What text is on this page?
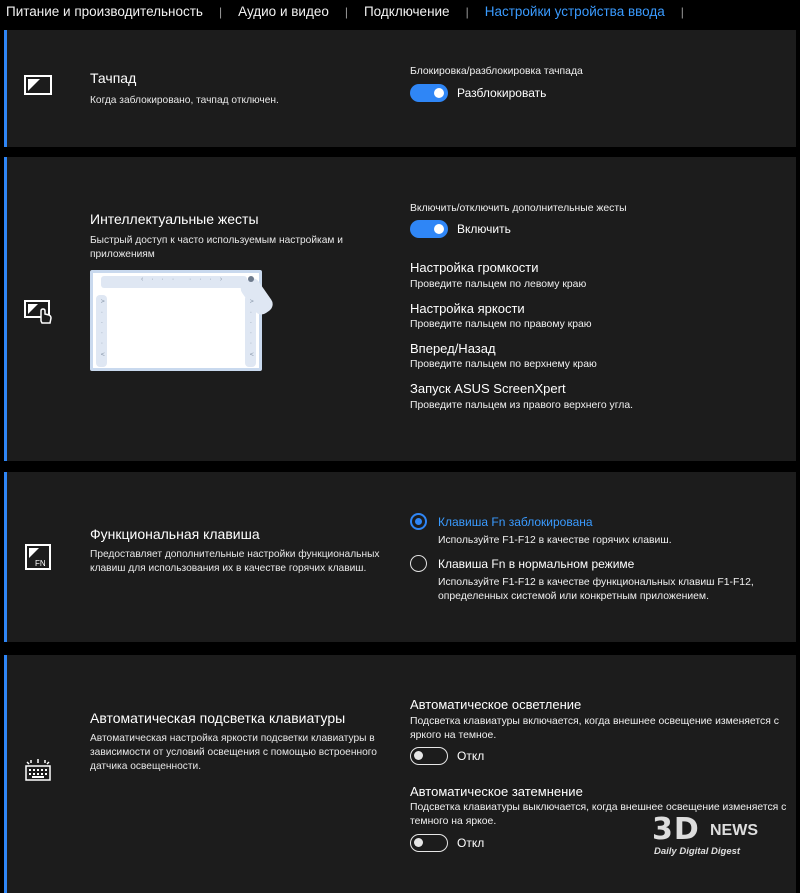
Питание и производительность	|	Аудио и видео	|	Подключение	|	Настройки устройства ввода	|
Тачпад
Когда заблокировано, тачпад отключен.
Блокировка/разблокировка тачпада
Разблокировать
Интеллектуальные жесты
Быстрый доступ к часто используемым настройкам и
приложениям
‹ · · · · · · ›
˄ · · · · ˅	˄ · · · · ˅
Включить/отключить дополнительные жесты
Включить
Настройка громкости
Проведите пальцем по левому краю
Настройка яркости
Проведите пальцем по правому краю
Вперед/Назад
Проведите пальцем по верхнему краю
Запуск ASUS ScreenXpert
Проведите пальцем из правого верхнего угла.
FN
Функциональная клавиша
Предоставляет дополнительные настройки функциональных
клавиш для использования их в качестве горячих клавиш.
Клавиша Fn заблокирована
Используйте F1-F12 в качестве горячих клавиш.
Клавиша Fn в нормальном режиме
Используйте F1-F12 в качестве функциональных клавиш F1-F12,
определенных системой или конкретным приложением.
Автоматическая подсветка клавиатуры
Автоматическая настройка яркости подсветки клавиатуры в
зависимости от условий освещения с помощью встроенного
датчика освещенности.
Автоматическое осветление
Подсветка клавиатуры включается, когда внешнее освещение изменяется с
яркого на темное.
Откл
Автоматическое затемнение
Подсветка клавиатуры выключается, когда внешнее освещение изменяется с
темного на яркое.
Откл	3D NEWS
Daily Digital Digest
